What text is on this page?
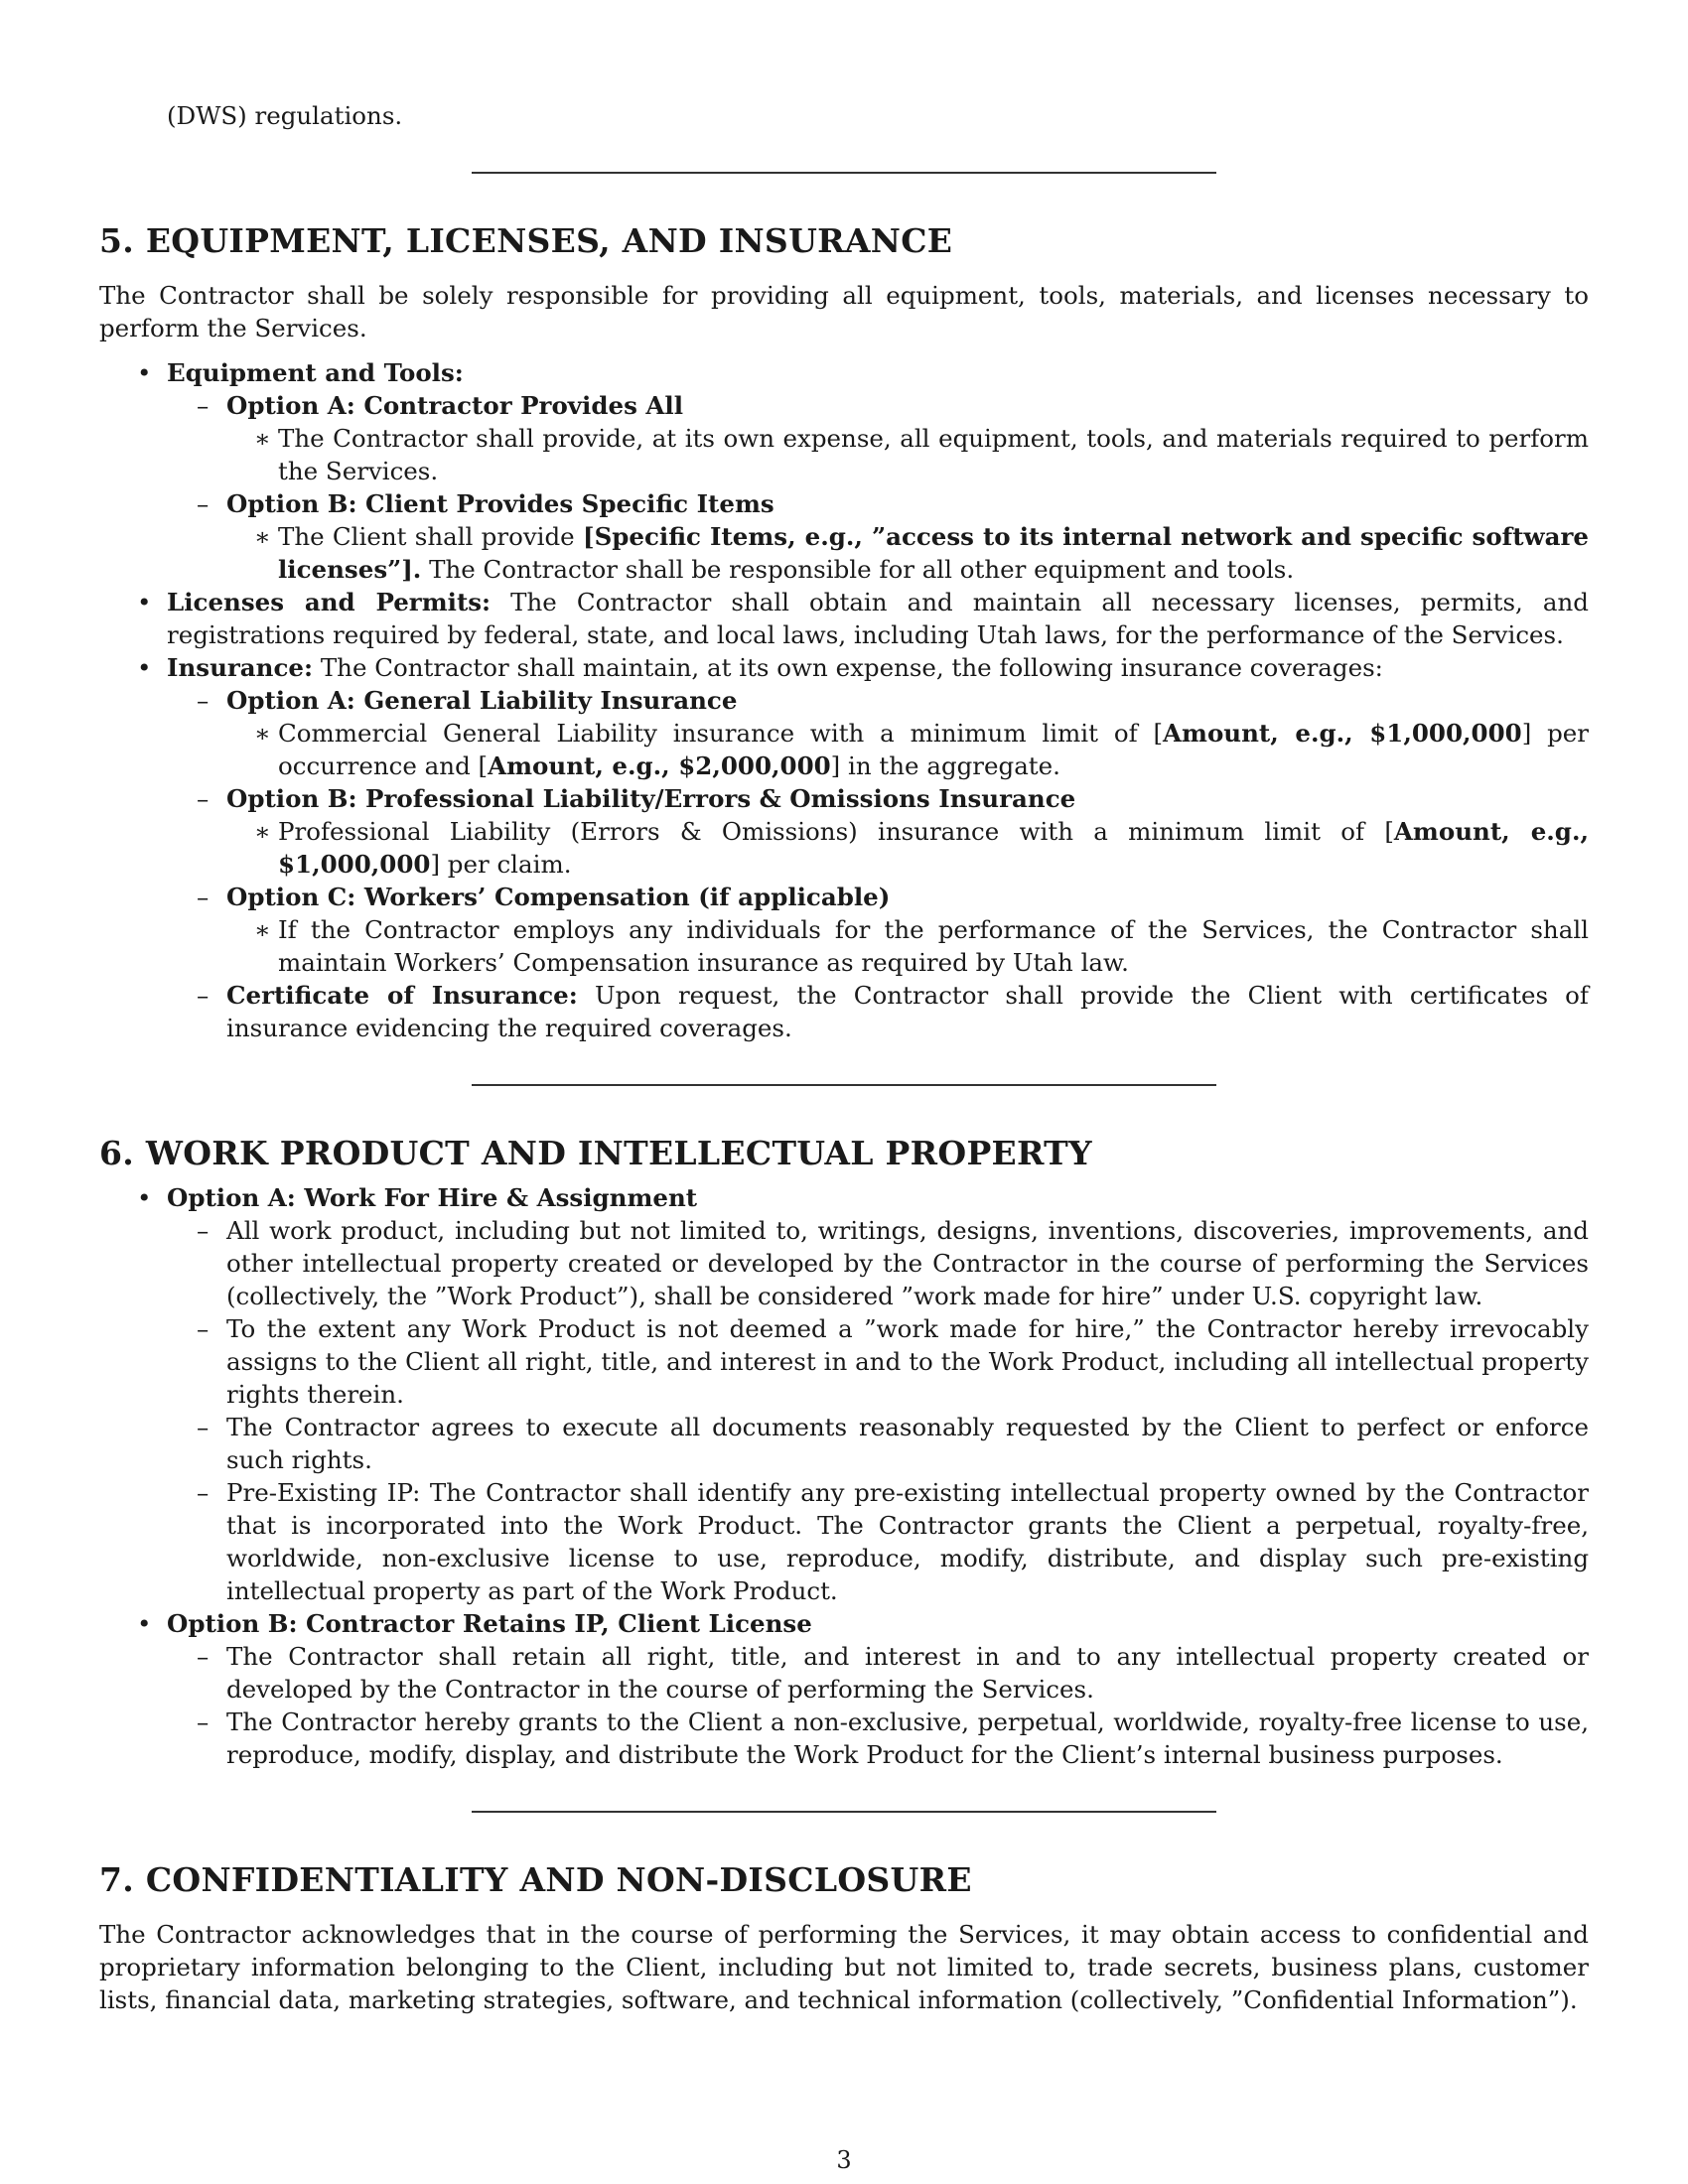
(DWS) regulations.

5. EQUIPMENT, LICENSES, AND INSURANCE

The Contractor shall be solely responsible for providing all equipment, tools, materials, and licenses necessary to perform the Services.

• Equipment and Tools:
– Option A: Contractor Provides All
∗ The Contractor shall provide, at its own expense, all equipment, tools, and materials required to perform the Services.
– Option B: Client Provides Specific Items
∗ The Client shall provide [Specific Items, e.g., ”access to its internal network and specific software licenses”]. The Contractor shall be responsible for all other equipment and tools.
• Licenses and Permits: The Contractor shall obtain and maintain all necessary licenses, permits, and registrations required by federal, state, and local laws, including Utah laws, for the performance of the Services.
• Insurance: The Contractor shall maintain, at its own expense, the following insurance coverages:
– Option A: General Liability Insurance
∗ Commercial General Liability insurance with a minimum limit of [Amount, e.g., $1,000,000] per occurrence and [Amount, e.g., $2,000,000] in the aggregate.
– Option B: Professional Liability/Errors & Omissions Insurance
∗ Professional Liability (Errors & Omissions) insurance with a minimum limit of [Amount, e.g., $1,000,000] per claim.
– Option C: Workers’ Compensation (if applicable)
∗ If the Contractor employs any individuals for the performance of the Services, the Contractor shall maintain Workers’ Compensation insurance as required by Utah law.
– Certificate of Insurance: Upon request, the Contractor shall provide the Client with certificates of insurance evidencing the required coverages.
6. WORK PRODUCT AND INTELLECTUAL PROPERTY
• Option A: Work For Hire & Assignment
– All work product, including but not limited to, writings, designs, inventions, discoveries, improvements, and other intellectual property created or developed by the Contractor in the course of performing the Services (collectively, the ”Work Product”), shall be considered ”work made for hire” under U.S. copyright law.
– To the extent any Work Product is not deemed a ”work made for hire,” the Contractor hereby irrevocably assigns to the Client all right, title, and interest in and to the Work Product, including all intellectual property rights therein.
– The Contractor agrees to execute all documents reasonably requested by the Client to perfect or enforce such rights.
– Pre-Existing IP: The Contractor shall identify any pre-existing intellectual property owned by the Contractor that is incorporated into the Work Product. The Contractor grants the Client a perpetual, royalty-free, worldwide, non-exclusive license to use, reproduce, modify, distribute, and display such pre-existing intellectual property as part of the Work Product.
• Option B: Contractor Retains IP, Client License
– The Contractor shall retain all right, title, and interest in and to any intellectual property created or developed by the Contractor in the course of performing the Services.
– The Contractor hereby grants to the Client a non-exclusive, perpetual, worldwide, royalty-free license to use, reproduce, modify, display, and distribute the Work Product for the Client’s internal business purposes.
7. CONFIDENTIALITY AND NON-DISCLOSURE

The Contractor acknowledges that in the course of performing the Services, it may obtain access to confidential and proprietary information belonging to the Client, including but not limited to, trade secrets, business plans, customer lists, financial data, marketing strategies, software, and technical information (collectively, ”Confidential Information”).

3
